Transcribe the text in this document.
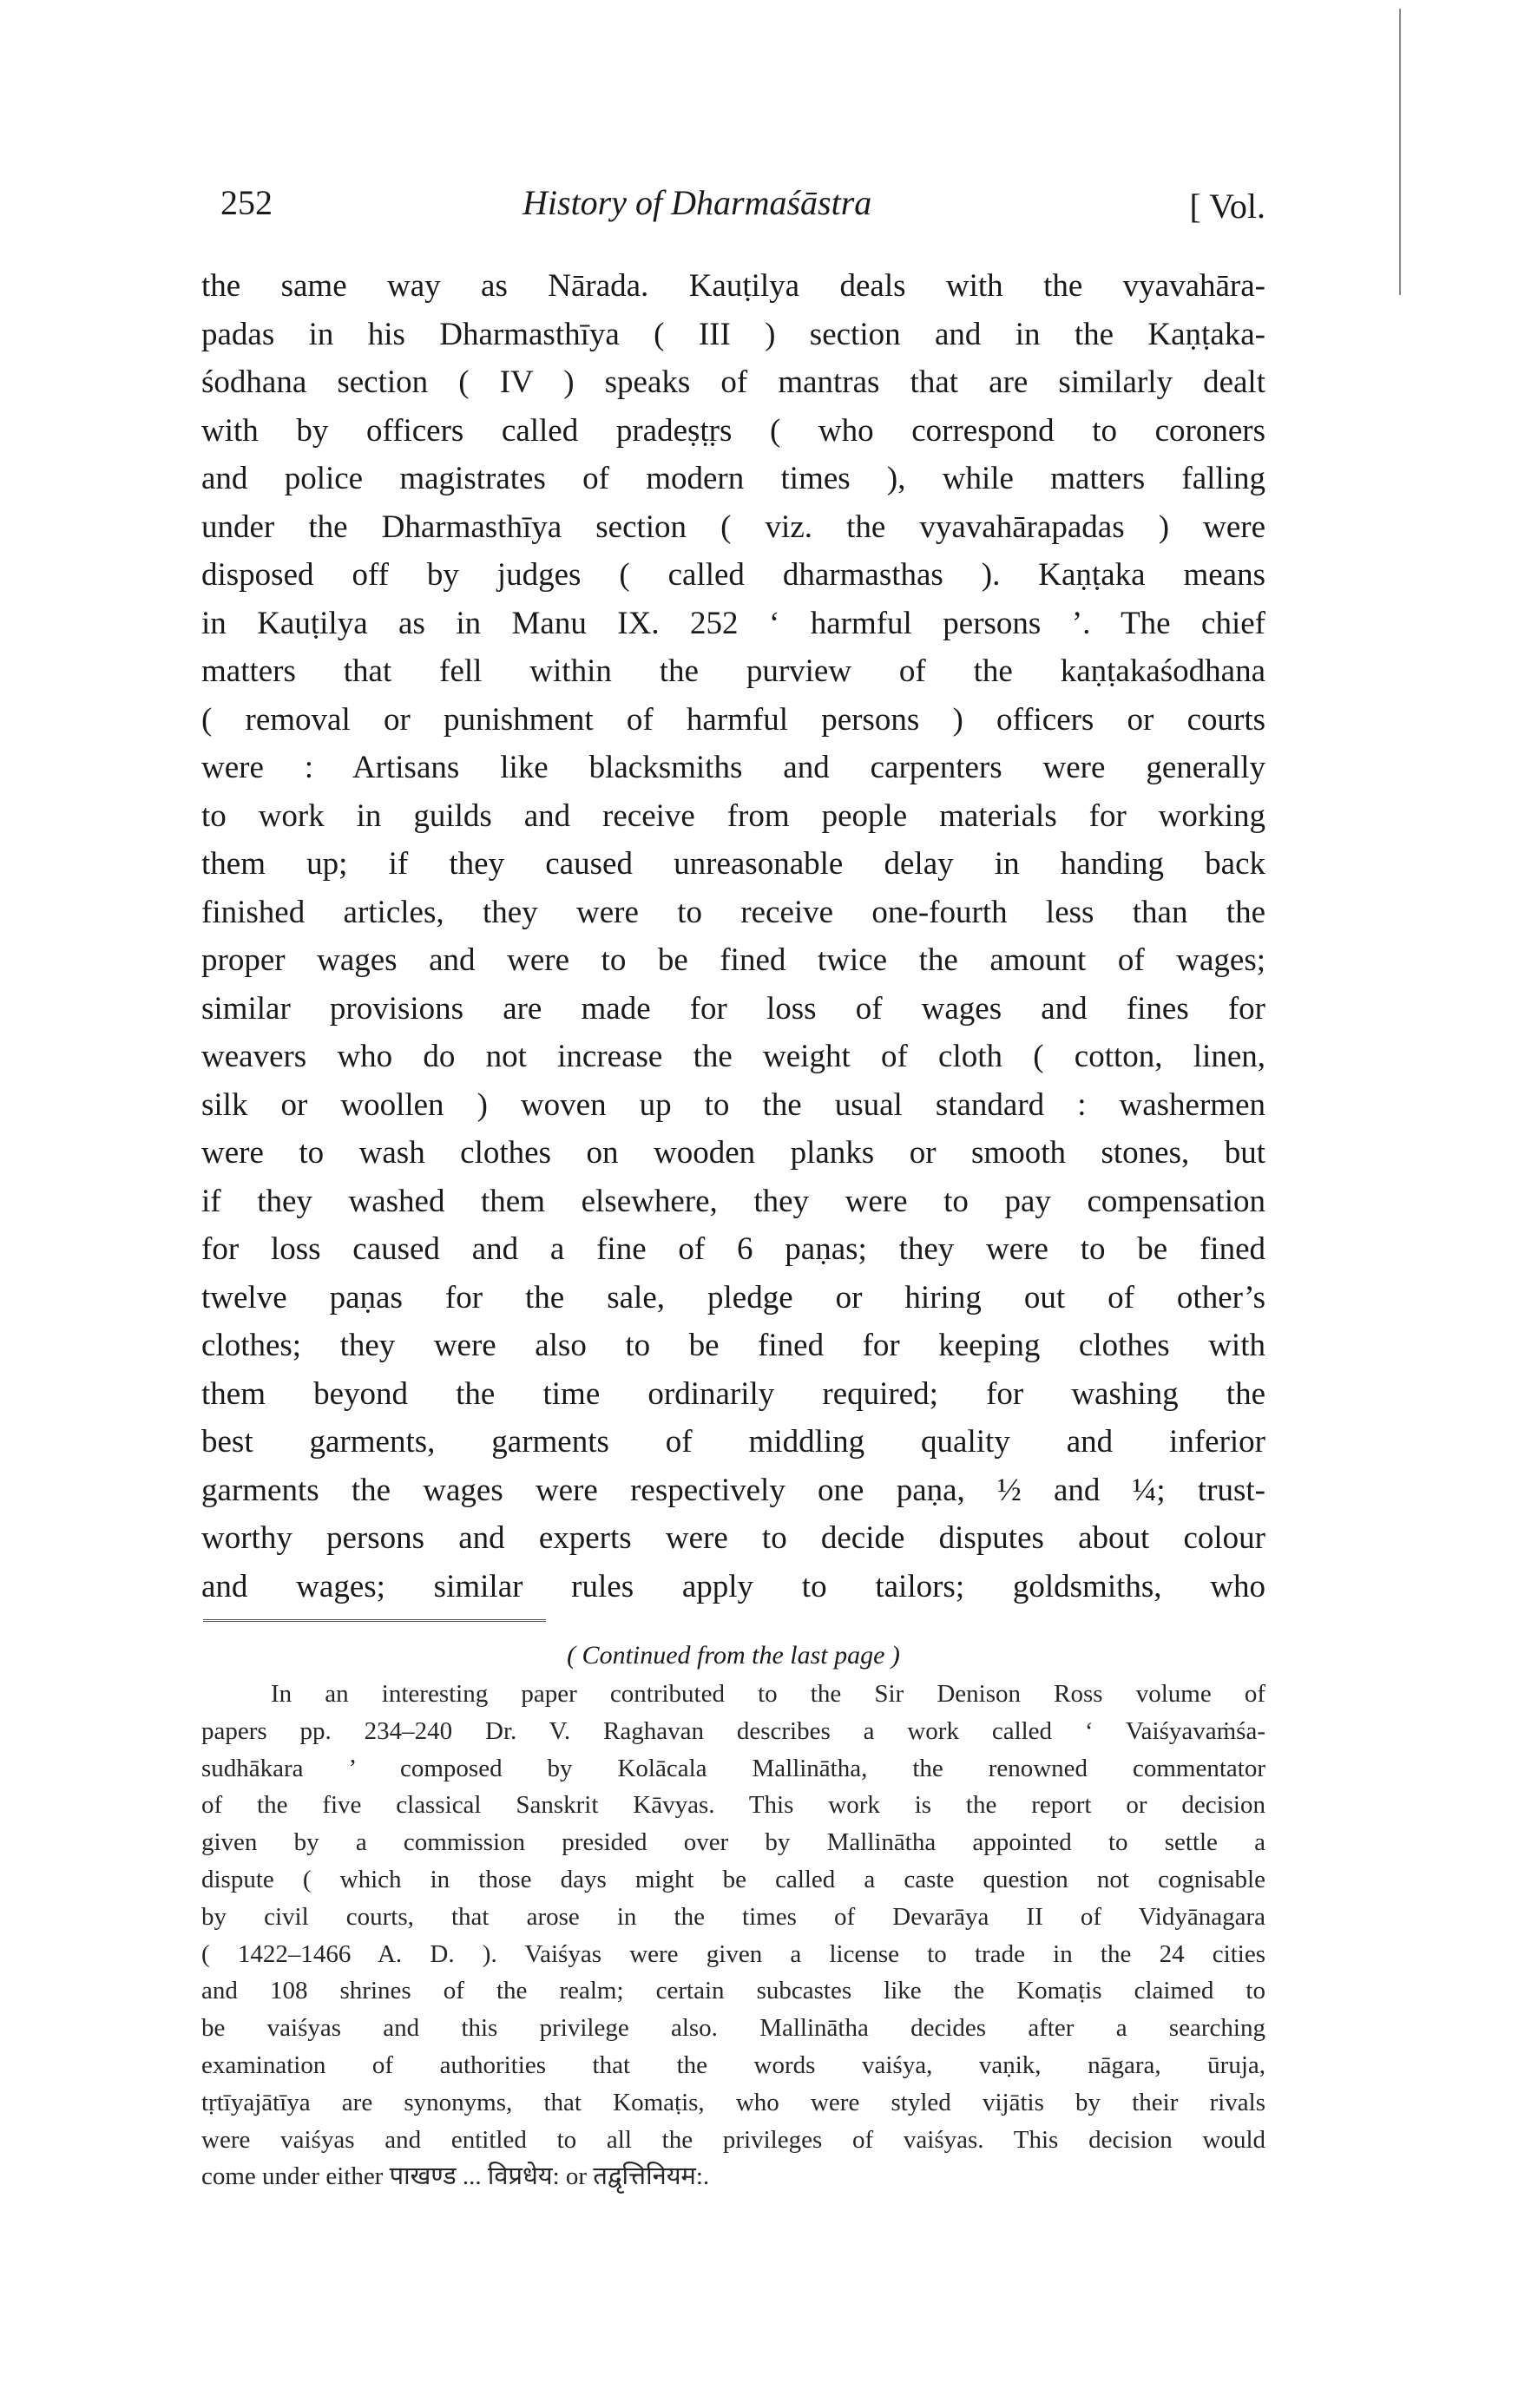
252	History of Dharmaśāstra	[ Vol.
the same way as Nārada. Kauṭilya deals with the vyavahāra-
padas in his Dharmasthīya ( III ) section and in the Kaṇṭaka-
śodhana section ( IV ) speaks of mantras that are similarly dealt
with by officers called pradeṣṭṛs ( who correspond to coroners
and police magistrates of modern times ), while matters falling
under the Dharmasthīya section ( viz. the vyavahārapadas ) were
disposed off by judges ( called dharmasthas ). Kaṇṭaka means
in Kauṭilya as in Manu IX. 252 ‘ harmful persons ’. The chief
matters that fell within the purview of the kaṇṭakaśodhana
( removal or punishment of harmful persons ) officers or courts
were : Artisans like blacksmiths and carpenters were generally
to work in guilds and receive from people materials for working
them up; if they caused unreasonable delay in handing back
finished articles, they were to receive one-fourth less than the
proper wages and were to be fined twice the amount of wages;
similar provisions are made for loss of wages and fines for
weavers who do not increase the weight of cloth ( cotton, linen,
silk or woollen ) woven up to the usual standard : washermen
were to wash clothes on wooden planks or smooth stones, but
if they washed them elsewhere, they were to pay compensation
for loss caused and a fine of 6 paṇas; they were to be fined
twelve paṇas for the sale, pledge or hiring out of other’s
clothes; they were also to be fined for keeping clothes with
them beyond the time ordinarily required; for washing the
best garments, garments of middling quality and inferior
garments the wages were respectively one paṇa, ½ and ¼; trust-
worthy persons and experts were to decide disputes about colour
and wages; similar rules apply to tailors; goldsmiths, who
( Continued from the last page )
In an interesting paper contributed to the Sir Denison Ross volume of
papers pp. 234–240 Dr. V. Raghavan describes a work called ‘ Vaiśyavaṁśa-
sudhākara ’ composed by Kolācala Mallinātha, the renowned commentator
of the five classical Sanskrit Kāvyas. This work is the report or decision
given by a commission presided over by Mallinātha appointed to settle a
dispute ( which in those days might be called a caste question not cognisable
by civil courts, that arose in the times of Devarāya II of Vidyānagara
( 1422–1466 A. D. ). Vaiśyas were given a license to trade in the 24 cities
and 108 shrines of the realm; certain subcastes like the Komaṭis claimed to
be vaiśyas and this privilege also. Mallinātha decides after a searching
examination of authorities that the words vaiśya, vaṇik, nāgara, ūruja,
tṛtīyajātīya are synonyms, that Komaṭis, who were styled vijātis by their rivals
were vaiśyas and entitled to all the privileges of vaiśyas. This decision would
come under either पाखण्ड ... विप्रधेय: or तद्वृत्तिनियम:.
